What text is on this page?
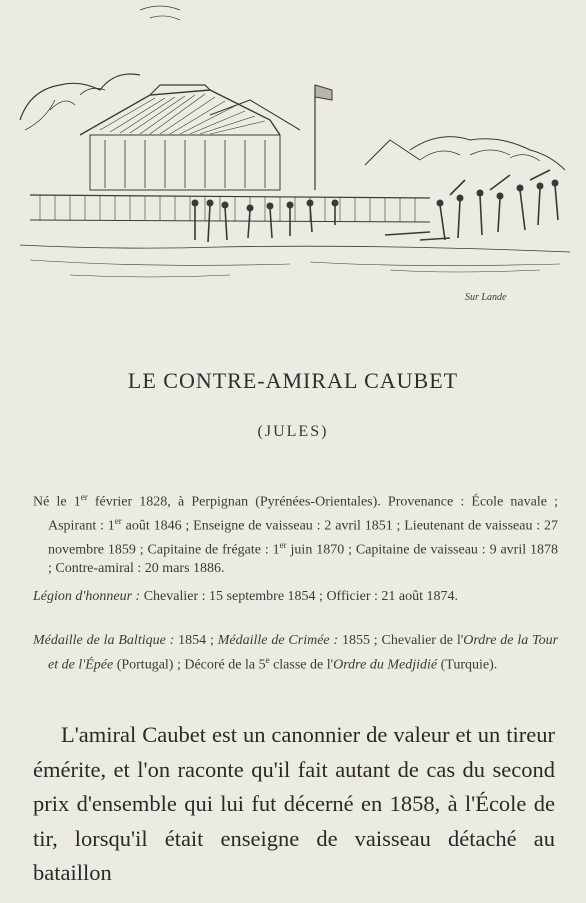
Sur Lande
LE CONTRE-AMIRAL CAUBET
(JULES)

Né le 1er février 1828, à Perpignan (Pyrénées-Orientales). Provenance : École navale ; Aspirant : 1er août 1846 ; Enseigne de vaisseau : 2 avril 1851 ; Lieutenant de vaisseau : 27 novembre 1859 ; Capitaine de frégate : 1er juin 1870 ; Capitaine de vaisseau : 9 avril 1878 ; Contre-amiral : 20 mars 1886.

Légion d'honneur : Chevalier : 15 septembre 1854 ; Officier : 21 août 1874.

Médaille de la Baltique : 1854 ; Médaille de Crimée : 1855 ; Chevalier de l'Ordre de la Tour et de l'Épée (Portugal) ; Décoré de la 5e classe de l'Ordre du Medjidié (Turquie).

L'amiral Caubet est un canonnier de valeur et un tireur émérite, et l'on raconte qu'il fait autant de cas du second prix d'ensemble qui lui fut décerné en 1858, à l'École de tir, lorsqu'il était enseigne de vaisseau détaché au bataillon
